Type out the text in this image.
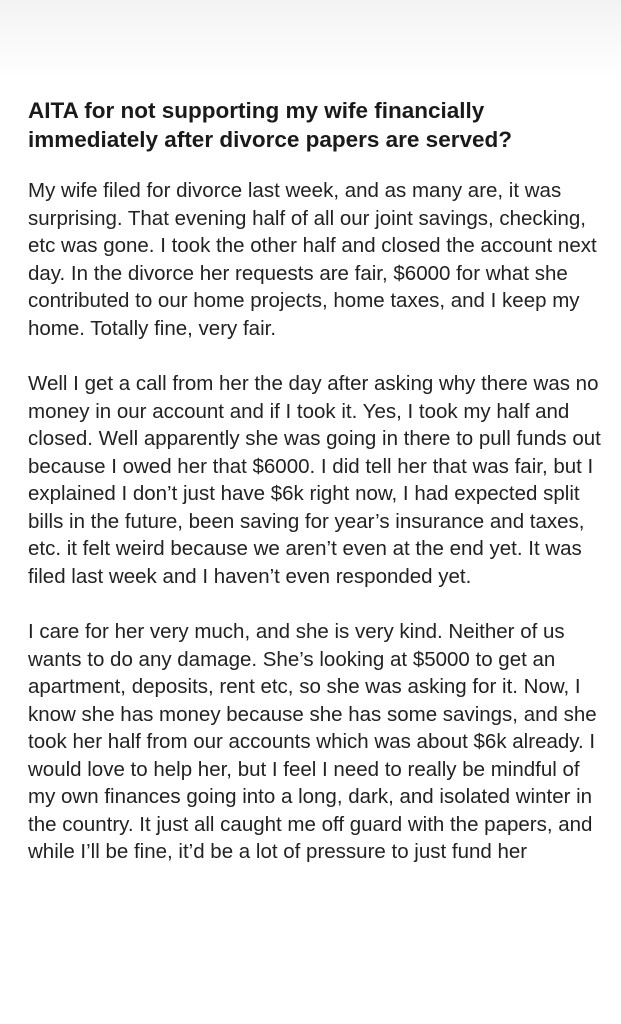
AITA for not supporting my wife financially immediately after divorce papers are served?

My wife filed for divorce last week, and as many are, it was surprising. That evening half of all our joint savings, checking, etc was gone. I took the other half and closed the account next day. In the divorce her requests are fair, $6000 for what she contributed to our home projects, home taxes, and I keep my home. Totally fine, very fair.

Well I get a call from her the day after asking why there was no money in our account and if I took it. Yes, I took my half and closed. Well apparently she was going in there to pull funds out because I owed her that $6000. I did tell her that was fair, but I explained I don’t just have $6k right now, I had expected split bills in the future, been saving for year’s insurance and taxes, etc. it felt weird because we aren’t even at the end yet. It was filed last week and I haven’t even responded yet.

I care for her very much, and she is very kind. Neither of us wants to do any damage. She’s looking at $5000 to get an apartment, deposits, rent etc, so she was asking for it. Now, I know she has money because she has some savings, and she took her half from our accounts which was about $6k already. I would love to help her, but I feel I need to really be mindful of my own finances going into a long, dark, and isolated winter in the country. It just all caught me off guard with the papers, and while I’ll be fine, it’d be a lot of pressure to just fund her
